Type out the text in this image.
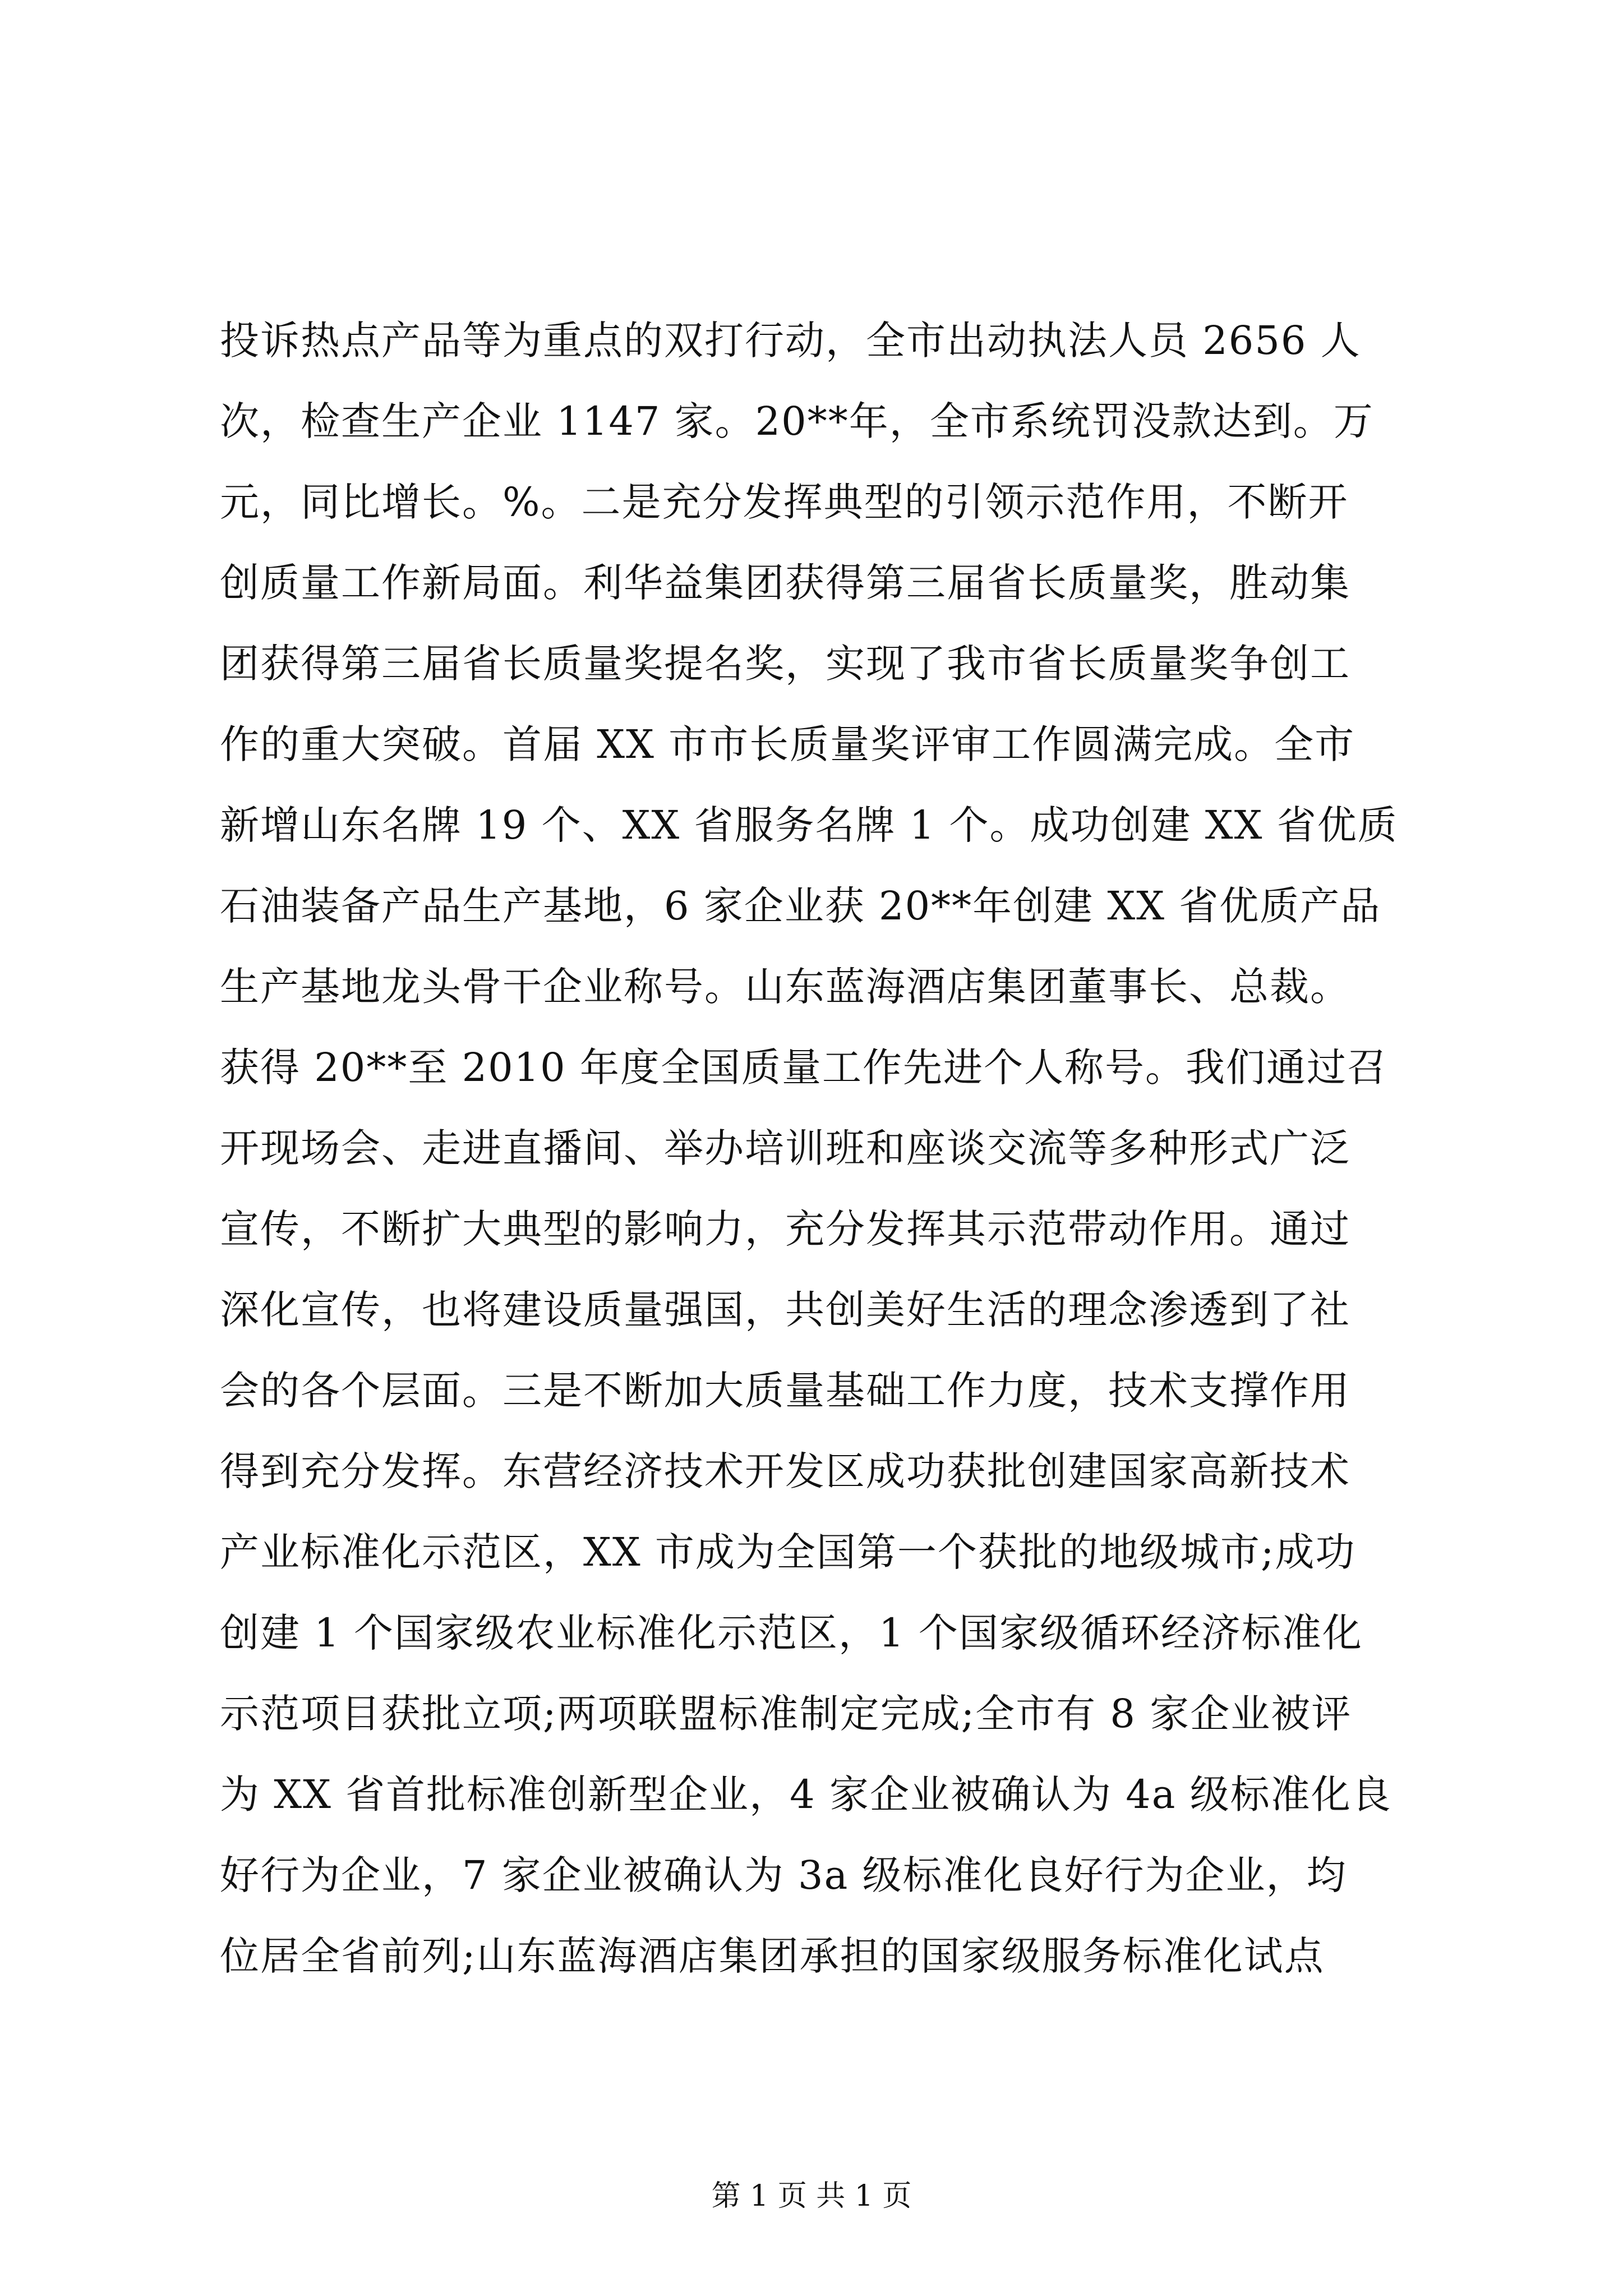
投诉热点产品等为重点的双打行动，全市出动执法人员 2656 人
次，检查生产企业 1147 家。20**年，全市系统罚没款达到。万
元，同比增长。%。二是充分发挥典型的引领示范作用，不断开
创质量工作新局面。利华益集团获得第三届省长质量奖，胜动集
团获得第三届省长质量奖提名奖，实现了我市省长质量奖争创工
作的重大突破。首届 XX 市市长质量奖评审工作圆满完成。全市
新增山东名牌 19 个、XX 省服务名牌 1 个。成功创建 XX 省优质
石油装备产品生产基地，6 家企业获 20**年创建 XX 省优质产品
生产基地龙头骨干企业称号。山东蓝海酒店集团董事长、总裁。
获得 20**至 2010 年度全国质量工作先进个人称号。我们通过召
开现场会、走进直播间、举办培训班和座谈交流等多种形式广泛
宣传，不断扩大典型的影响力，充分发挥其示范带动作用。通过
深化宣传，也将建设质量强国，共创美好生活的理念渗透到了社
会的各个层面。三是不断加大质量基础工作力度，技术支撑作用
得到充分发挥。东营经济技术开发区成功获批创建国家高新技术
产业标准化示范区，XX 市成为全国第一个获批的地级城市;成功
创建 1 个国家级农业标准化示范区，1 个国家级循环经济标准化
示范项目获批立项;两项联盟标准制定完成;全市有 8 家企业被评
为 XX 省首批标准创新型企业，4 家企业被确认为 4a 级标准化良
好行为企业，7 家企业被确认为 3a 级标准化良好行为企业，均
位居全省前列;山东蓝海酒店集团承担的国家级服务标准化试点
第 1 页 共 1 页
